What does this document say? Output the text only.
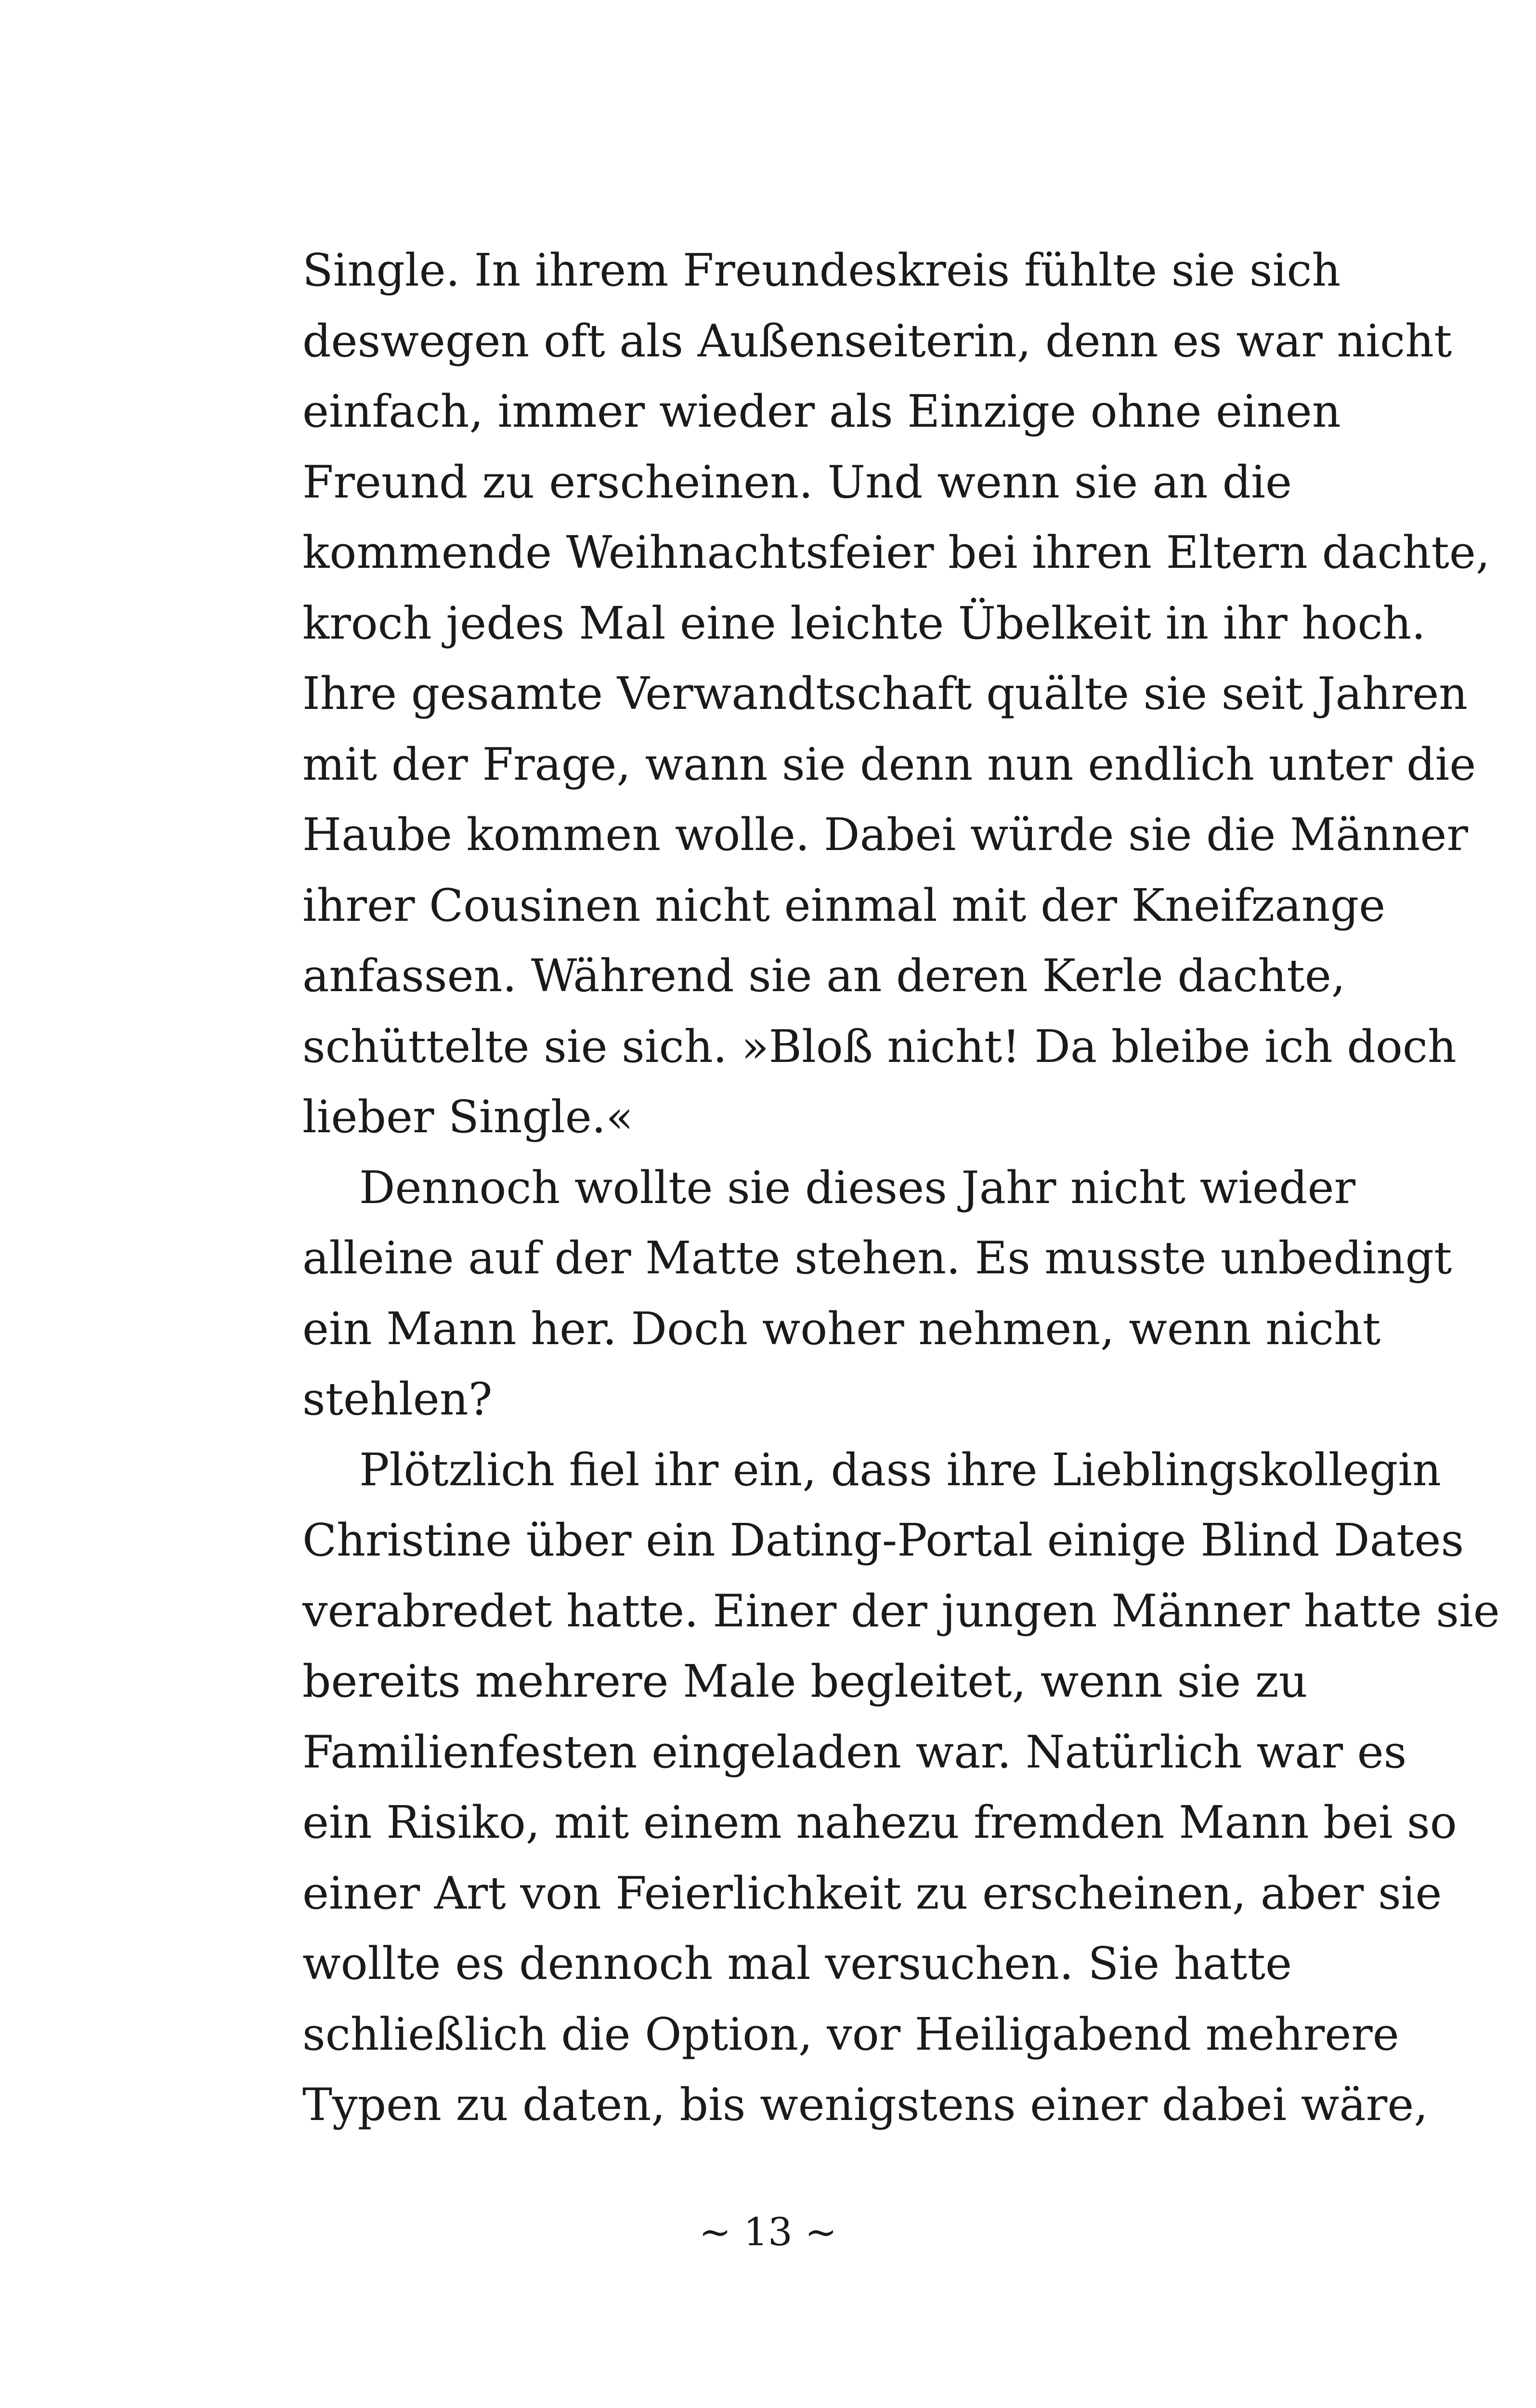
Single. In ihrem Freundeskreis fühlte sie sich
deswegen oft als Außenseiterin, denn es war nicht
einfach, immer wieder als Einzige ohne einen
Freund zu erscheinen. Und wenn sie an die
kommende Weihnachtsfeier bei ihren Eltern dachte,
kroch jedes Mal eine leichte Übelkeit in ihr hoch.
Ihre gesamte Verwandtschaft quälte sie seit Jahren
mit der Frage, wann sie denn nun endlich unter die
Haube kommen wolle. Dabei würde sie die Männer
ihrer Cousinen nicht einmal mit der Kneifzange
anfassen. Während sie an deren Kerle dachte,
schüttelte sie sich. »Bloß nicht! Da bleibe ich doch
lieber Single.«
Dennoch wollte sie dieses Jahr nicht wieder
alleine auf der Matte stehen. Es musste unbedingt
ein Mann her. Doch woher nehmen, wenn nicht
stehlen?
Plötzlich fiel ihr ein, dass ihre Lieblingskollegin
Christine über ein Dating-Portal einige Blind Dates
verabredet hatte. Einer der jungen Männer hatte sie
bereits mehrere Male begleitet, wenn sie zu
Familienfesten eingeladen war. Natürlich war es
ein Risiko, mit einem nahezu fremden Mann bei so
einer Art von Feierlichkeit zu erscheinen, aber sie
wollte es dennoch mal versuchen. Sie hatte
schließlich die Option, vor Heiligabend mehrere
Typen zu daten, bis wenigstens einer dabei wäre,
~ 13 ~
